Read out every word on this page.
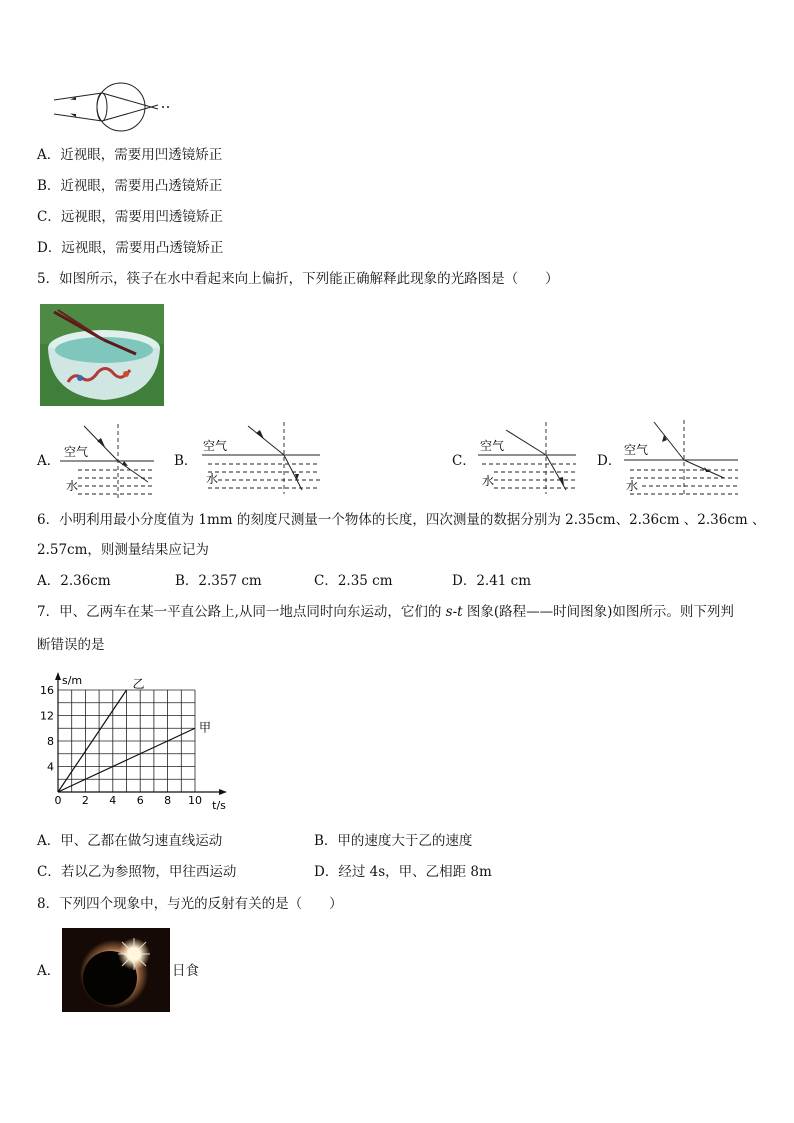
A．近视眼，需要用凹透镜矫正
B．近视眼，需要用凸透镜矫正
C．远视眼，需要用凹透镜矫正
D．远视眼，需要用凸透镜矫正
5．如图所示，筷子在水中看起来向上偏折，下列能正确解释此现象的光路图是（　　）
A．
空气
水
B．
空气
水
C．
空气
水
D．
空气
水
6．小明利用最小分度值为 1mm 的刻度尺测量一个物体的长度，四次测量的数据分别为 2.35cm、2.36cm 、2.36cm 、
2.57cm，则测量结果应记为
A．2.36cm	B．2.357 cm	C．2.35 cm	D．2.41 cm
7．甲、乙两车在某一平直公路上,从同一地点同时向东运动，它们的 s-t 图象(路程——时间图象)如图所示。则下列判
断错误的是
0 2 4 6 8 10
4
8
12
16
s/m
t/s
乙
甲
A．甲、乙都在做匀速直线运动	B．甲的速度大于乙的速度
C．若以乙为参照物，甲往西运动	D．经过 4s，甲、乙相距 8m
8．下列四个现象中，与光的反射有关的是（　　）
A．	日食
